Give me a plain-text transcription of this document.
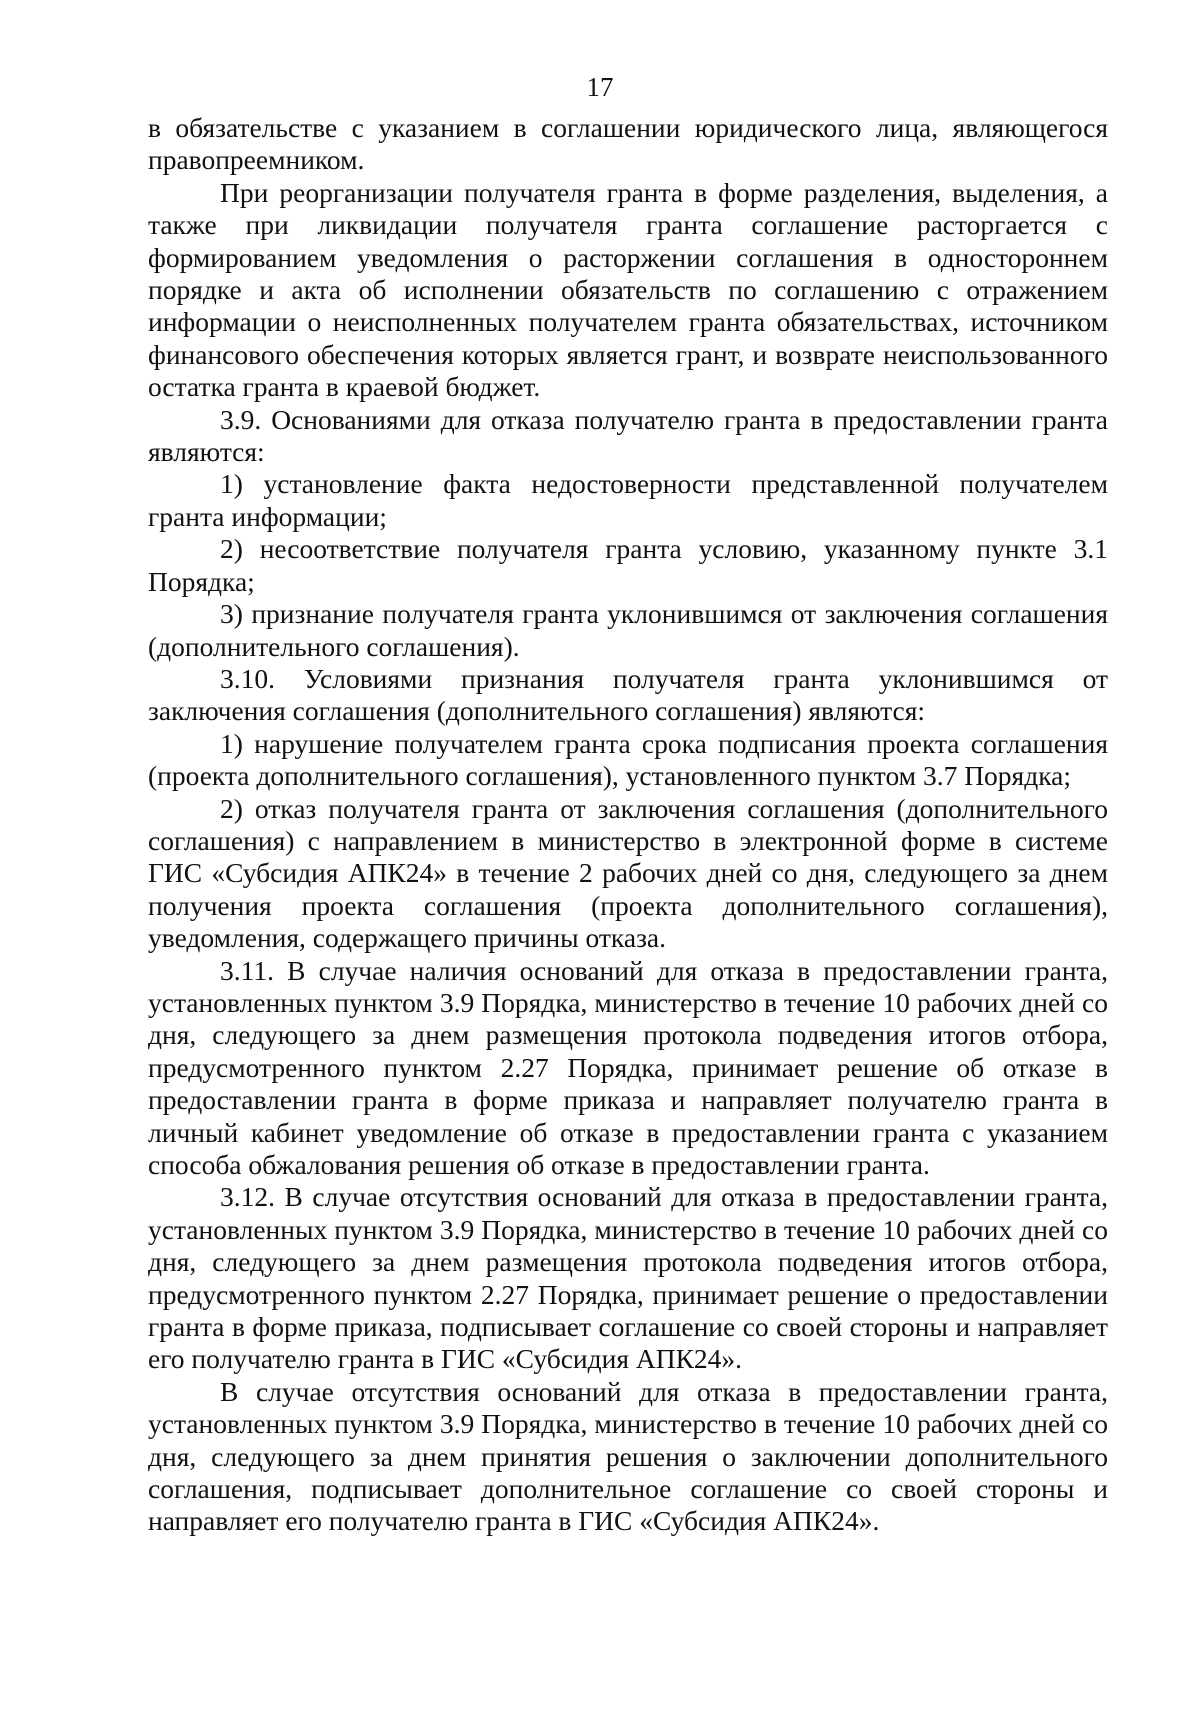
17

в обязательстве с указанием в соглашении юридического лица, являющегося правопреемником.

При реорганизации получателя гранта в форме разделения, выделения, а также при ликвидации получателя гранта соглашение расторгается с формированием уведомления о расторжении соглашения в одностороннем порядке и акта об исполнении обязательств по соглашению с отражением информации о неисполненных получателем гранта обязательствах, источником финансового обеспечения которых является грант, и возврате неиспользованного остатка гранта в краевой бюджет.

3.9. Основаниями для отказа получателю гранта в предоставлении гранта являются:

1) установление факта недостоверности представленной получателем гранта информации;

2) несоответствие получателя гранта условию, указанному пункте 3.1 Порядка;

3) признание получателя гранта уклонившимся от заключения соглашения (дополнительного соглашения).

3.10. Условиями признания получателя гранта уклонившимся от заключения соглашения (дополнительного соглашения) являются:

1) нарушение получателем гранта срока подписания проекта соглашения (проекта дополнительного соглашения), установленного пунктом 3.7 Порядка;

2) отказ получателя гранта от заключения соглашения (дополнительного соглашения) с направлением в министерство в электронной форме в системе ГИС «Субсидия АПК24» в течение 2 рабочих дней со дня, следующего за днем получения проекта соглашения (проекта дополнительного соглашения), уведомления, содержащего причины отказа.

3.11. В случае наличия оснований для отказа в предоставлении гранта, установленных пунктом 3.9 Порядка, министерство в течение 10 рабочих дней со дня, следующего за днем размещения протокола подведения итогов отбора, предусмотренного пунктом 2.27 Порядка, принимает решение об отказе в предоставлении гранта в форме приказа и направляет получателю гранта в личный кабинет уведомление об отказе в предоставлении гранта с указанием способа обжалования решения об отказе в предоставлении гранта.

3.12. В случае отсутствия оснований для отказа в предоставлении гранта, установленных пунктом 3.9 Порядка, министерство в течение 10 рабочих дней со дня, следующего за днем размещения протокола подведения итогов отбора, предусмотренного пунктом 2.27 Порядка, принимает решение о предоставлении гранта в форме приказа, подписывает соглашение со своей стороны и направляет его получателю гранта в ГИС «Субсидия АПК24».

В случае отсутствия оснований для отказа в предоставлении гранта, установленных пунктом 3.9 Порядка, министерство в течение 10 рабочих дней со дня, следующего за днем принятия решения о заключении дополнительного соглашения, подписывает дополнительное соглашение со своей стороны и направляет его получателю гранта в ГИС «Субсидия АПК24».
